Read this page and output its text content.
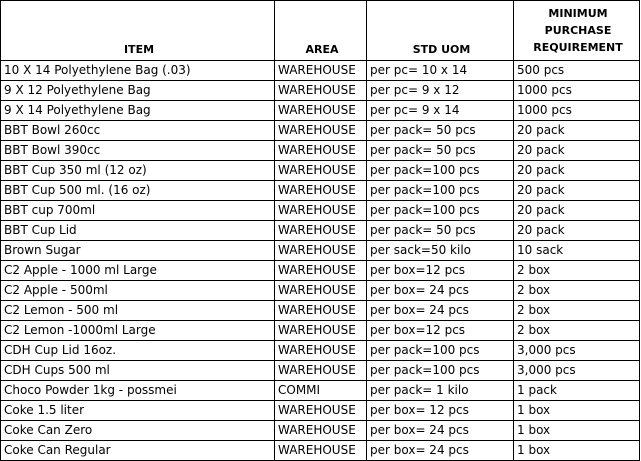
ITEM	AREA	STD UOM	MINIMUM PURCHASE REQUIREMENT
10 X 14 Polyethylene Bag (.03)	WAREHOUSE	per pc= 10 x 14	500 pcs
9 X 12 Polyethylene Bag	WAREHOUSE	per pc= 9 x 12	1000 pcs
9 X 14 Polyethylene Bag	WAREHOUSE	per pc= 9 x 14	1000 pcs
BBT Bowl 260cc	WAREHOUSE	per pack= 50 pcs	20 pack
BBT Bowl 390cc	WAREHOUSE	per pack= 50 pcs	20 pack
BBT Cup 350 ml (12 oz)	WAREHOUSE	per pack=100 pcs	20 pack
BBT Cup 500 ml. (16 oz)	WAREHOUSE	per pack=100 pcs	20 pack
BBT cup 700ml	WAREHOUSE	per pack=100 pcs	20 pack
BBT Cup Lid	WAREHOUSE	per pack= 50 pcs	20 pack
Brown Sugar	WAREHOUSE	per sack=50 kilo	10 sack
C2 Apple - 1000 ml Large	WAREHOUSE	per box=12 pcs	2 box
C2 Apple - 500ml	WAREHOUSE	per box= 24 pcs	2 box
C2 Lemon - 500 ml	WAREHOUSE	per box= 24 pcs	2 box
C2 Lemon -1000ml Large	WAREHOUSE	per box=12 pcs	2 box
CDH Cup Lid 16oz.	WAREHOUSE	per pack=100 pcs	3,000 pcs
CDH Cups 500 ml	WAREHOUSE	per pack=100 pcs	3,000 pcs
Choco Powder 1kg - possmei	COMMI	per pack= 1 kilo	1 pack
Coke 1.5 liter	WAREHOUSE	per box= 12 pcs	1 box
Coke Can Zero	WAREHOUSE	per box= 24 pcs	1 box
Coke Can Regular	WAREHOUSE	per box= 24 pcs	1 box
